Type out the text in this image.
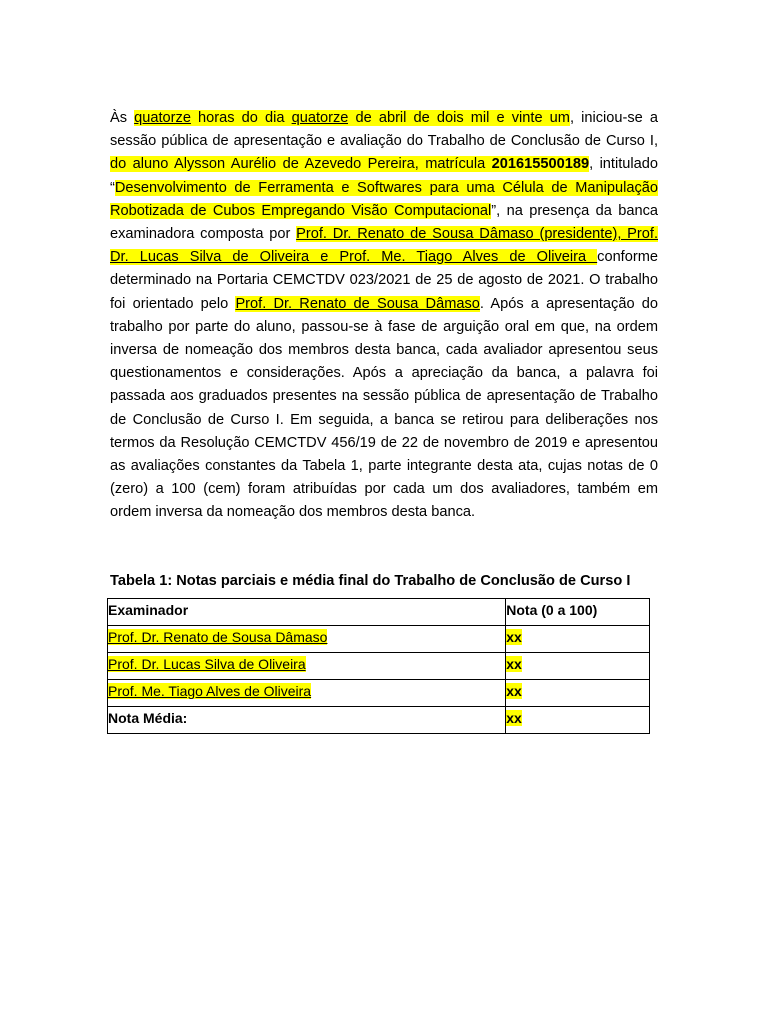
Às quatorze horas do dia quatorze de abril de dois mil e vinte um, iniciou-se a sessão pública de apresentação e avaliação do Trabalho de Conclusão de Curso I, do aluno Alysson Aurélio de Azevedo Pereira, matrícula 201615500189, intitulado “Desenvolvimento de Ferramenta e Softwares para uma Célula de Manipulação Robotizada de Cubos Empregando Visão Computacional”, na presença da banca examinadora composta por Prof. Dr. Renato de Sousa Dâmaso (presidente), Prof. Dr. Lucas Silva de Oliveira e Prof. Me. Tiago Alves de Oliveira conforme determinado na Portaria CEMCTDV 023/2021 de 25 de agosto de 2021. O trabalho foi orientado pelo Prof. Dr. Renato de Sousa Dâmaso. Após a apresentação do trabalho por parte do aluno, passou-se à fase de arguição oral em que, na ordem inversa de nomeação dos membros desta banca, cada avaliador apresentou seus questionamentos e considerações. Após a apreciação da banca, a palavra foi passada aos graduados presentes na sessão pública de apresentação de Trabalho de Conclusão de Curso I. Em seguida, a banca se retirou para deliberações nos termos da Resolução CEMCTDV 456/19 de 22 de novembro de 2019 e apresentou as avaliações constantes da Tabela 1, parte integrante desta ata, cujas notas de 0 (zero) a 100 (cem) foram atribuídas por cada um dos avaliadores, também em ordem inversa da nomeação dos membros desta banca.

Tabela 1: Notas parciais e média final do Trabalho de Conclusão de Curso I

Examinador	Nota (0 a 100)
Prof. Dr. Renato de Sousa Dâmaso	xx
Prof. Dr. Lucas Silva de Oliveira	xx
Prof. Me. Tiago Alves de Oliveira	xx
Nota Média:	xx
